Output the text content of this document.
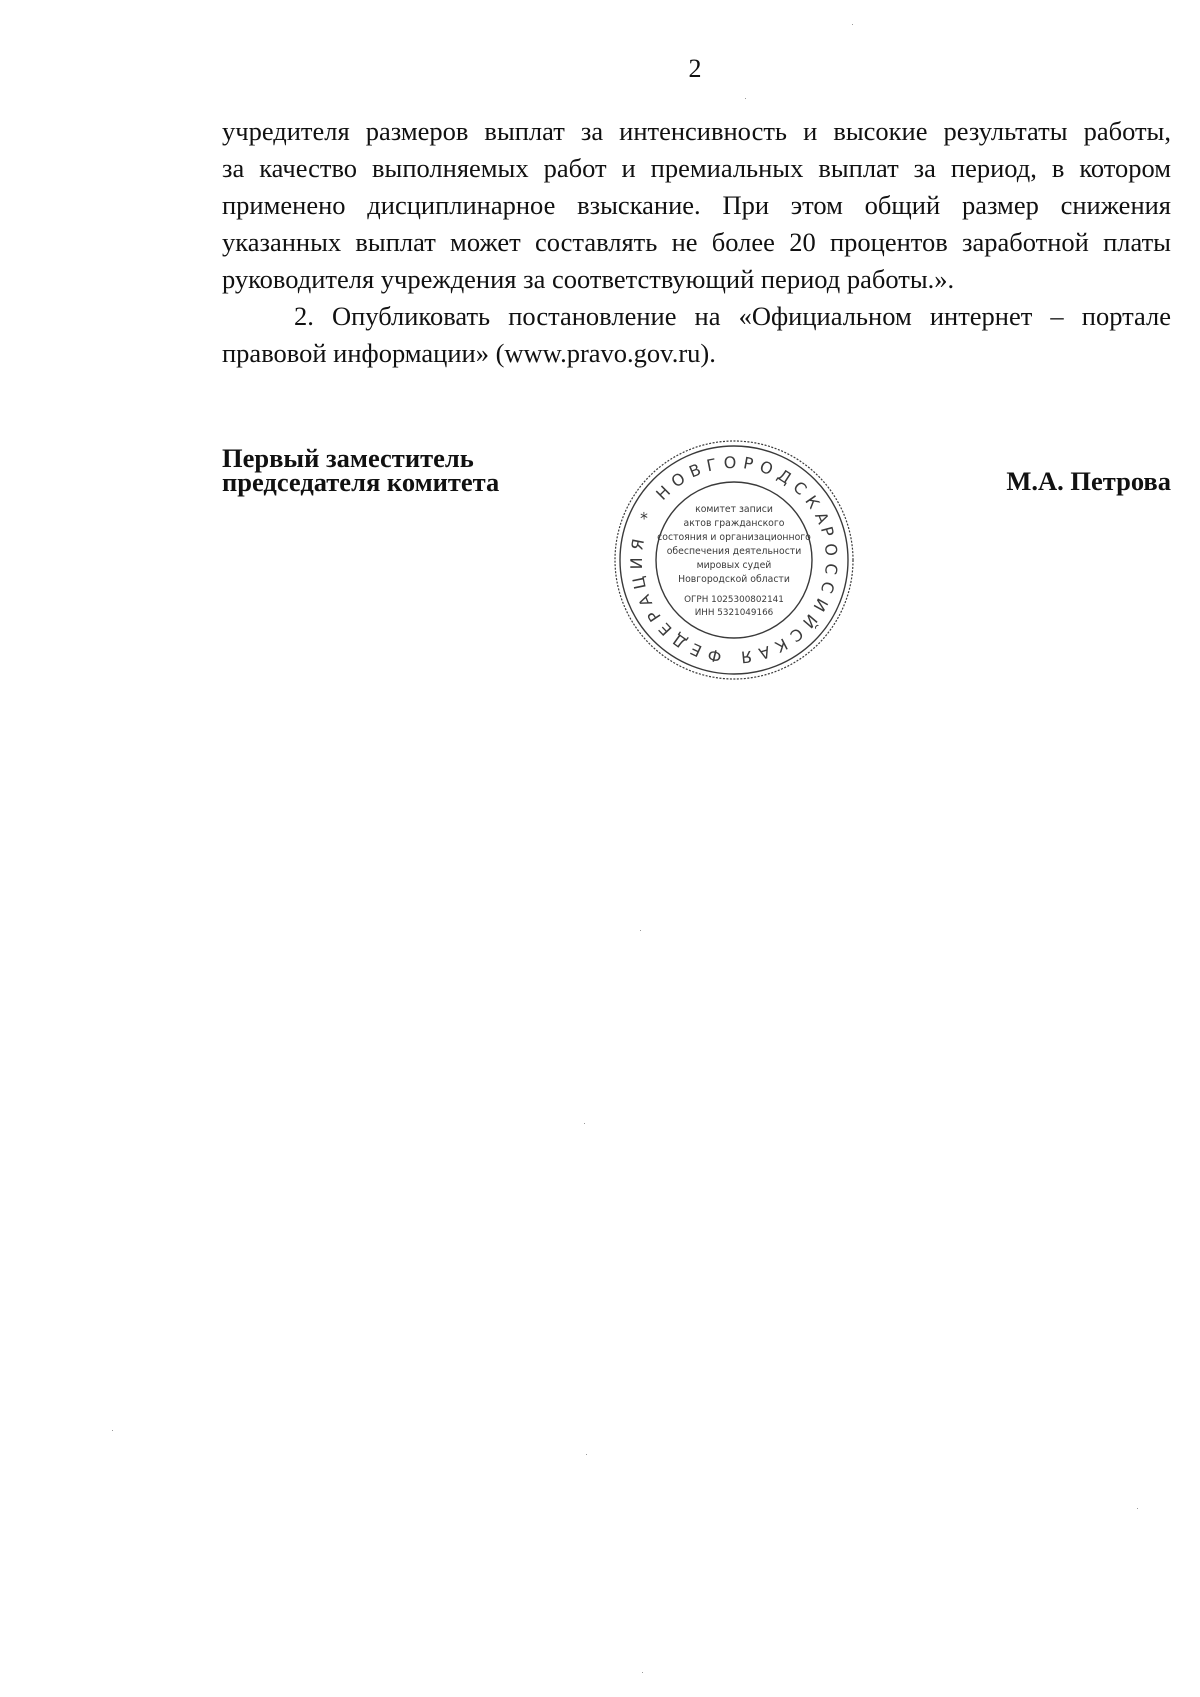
2
учредителя размеров выплат за интенсивность и высокие результаты работы,
за качество выполняемых работ и премиальных выплат за период, в котором
применено дисциплинарное взыскание. При этом общий размер снижения
указанных выплат может составлять не более 20 процентов заработной платы
руководителя учреждения за соответствующий период работы.».
2. Опубликовать постановление на «Официальном интернет – портале
правовой информации» (www.pravo.gov.ru).
Первый заместитель
председателя комитета	М.А. Петрова
РОССИЙСКАЯ ФЕДЕРАЦИЯ * НОВГОРОДСКАЯ
комитет записи
актов гражданского
состояния и организационного
обеспечения деятельности
мировых судей
Новгородской области
ОГРН 1025300802141
ИНН 5321049166
